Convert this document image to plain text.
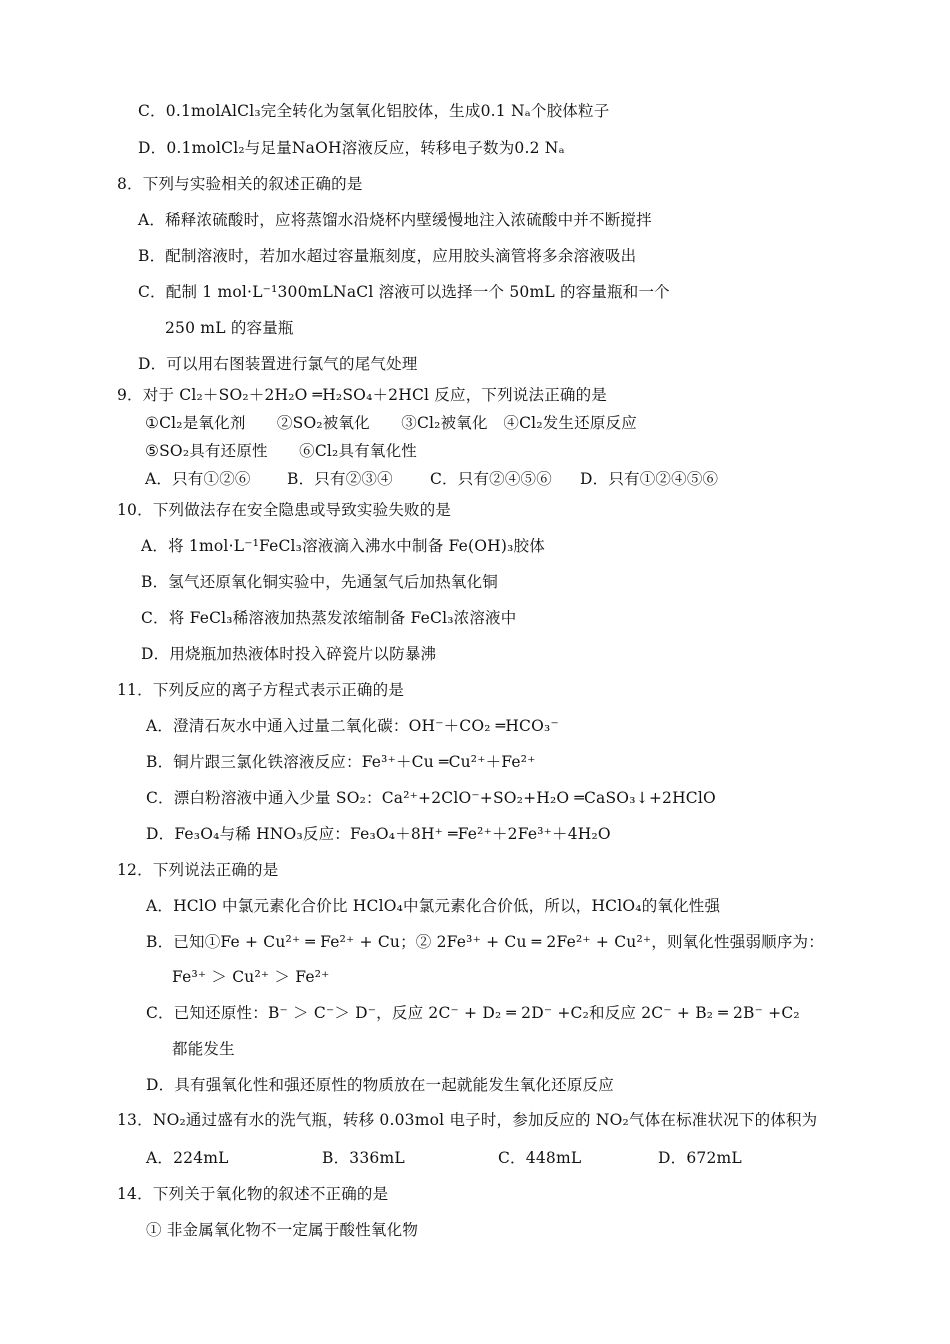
C．0.1molAlCl₃完全转化为氢氧化铝胶体，生成0.1 Nₐ个胶体粒子
D．0.1molCl₂与足量NaOH溶液反应，转移电子数为0.2 Nₐ
8．下列与实验相关的叙述正确的是
A．稀释浓硫酸时，应将蒸馏水沿烧杯内壁缓慢地注入浓硫酸中并不断搅拌
B．配制溶液时，若加水超过容量瓶刻度，应用胶头滴管将多余溶液吸出
C．配制 1 mol·L⁻¹300mLNaCl 溶液可以选择一个 50mL 的容量瓶和一个
250 mL 的容量瓶
D．可以用右图装置进行氯气的尾气处理
9．对于 Cl₂＋SO₂＋2H₂O ═H₂SO₄＋2HCl 反应，下列说法正确的是
①Cl₂是氧化剂　　②SO₂被氧化　　③Cl₂被氧化　④Cl₂发生还原反应
⑤SO₂具有还原性　　⑥Cl₂具有氧化性
A．只有①②⑥ B．只有②③④ C．只有②④⑤⑥ D．只有①②④⑤⑥
10．下列做法存在安全隐患或导致实验失败的是
A．将 1mol·L⁻¹FeCl₃溶液滴入沸水中制备 Fe(OH)₃胶体
B．氢气还原氧化铜实验中，先通氢气后加热氧化铜
C．将 FeCl₃稀溶液加热蒸发浓缩制备 FeCl₃浓溶液中
D．用烧瓶加热液体时投入碎瓷片以防暴沸
11．下列反应的离子方程式表示正确的是
A．澄清石灰水中通入过量二氧化碳：OH⁻＋CO₂ ═HCO₃⁻
B．铜片跟三氯化铁溶液反应：Fe³⁺＋Cu ═Cu²⁺＋Fe²⁺
C．漂白粉溶液中通入少量 SO₂：Ca²⁺+2ClO⁻+SO₂+H₂O ═CaSO₃↓+2HClO
D．Fe₃O₄与稀 HNO₃反应：Fe₃O₄＋8H⁺ ═Fe²⁺＋2Fe³⁺＋4H₂O
12．下列说法正确的是
A．HClO 中氯元素化合价比 HClO₄中氯元素化合价低，所以，HClO₄的氧化性强
B．已知①Fe + Cu²⁺ ═ Fe²⁺ + Cu；② 2Fe³⁺ + Cu ═ 2Fe²⁺ + Cu²⁺，则氧化性强弱顺序为：
Fe³⁺ ＞ Cu²⁺ ＞ Fe²⁺
C．已知还原性：B⁻ ＞ C⁻＞ D⁻，反应 2C⁻ + D₂ ═ 2D⁻ +C₂和反应 2C⁻ + B₂ ═ 2B⁻ +C₂
都能发生
D．具有强氧化性和强还原性的物质放在一起就能发生氧化还原反应
13．NO₂通过盛有水的洗气瓶，转移 0.03mol 电子时，参加反应的 NO₂气体在标准状况下的体积为
A．224mL	B．336mL	C．448mL	D．672mL
14．下列关于氧化物的叙述不正确的是
① 非金属氧化物不一定属于酸性氧化物
